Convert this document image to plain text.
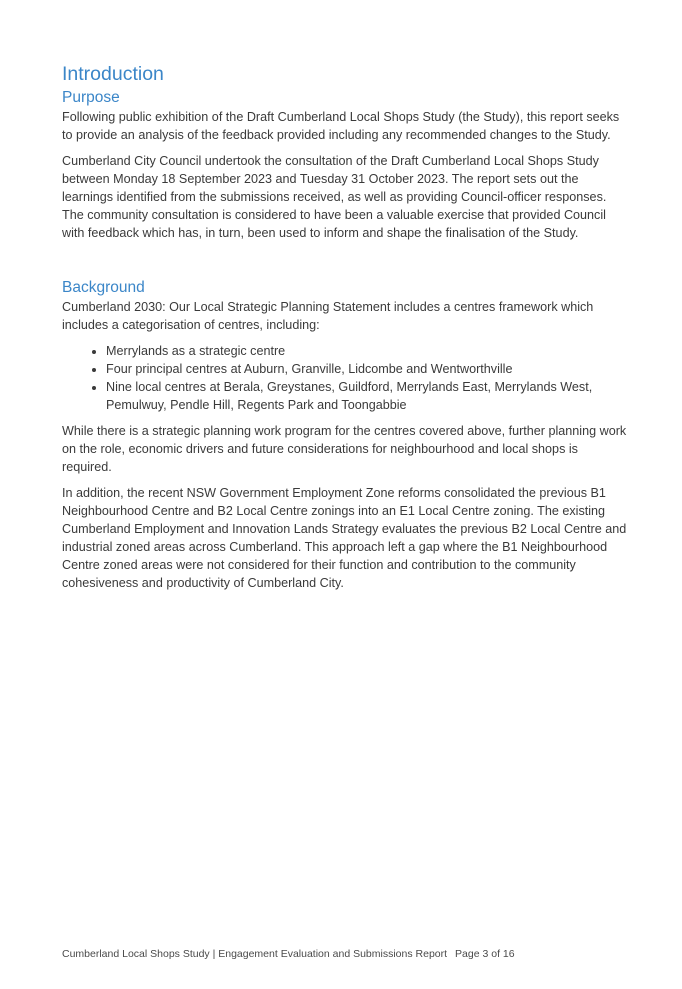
Introduction
Purpose

Following public exhibition of the Draft Cumberland Local Shops Study (the Study), this report seeks to provide an analysis of the feedback provided including any recommended changes to the Study.

Cumberland City Council undertook the consultation of the Draft Cumberland Local Shops Study between Monday 18 September 2023 and Tuesday 31 October 2023. The report sets out the learnings identified from the submissions received, as well as providing Council-officer responses. The community consultation is considered to have been a valuable exercise that provided Council with feedback which has, in turn, been used to inform and shape the finalisation of the Study.

Background

Cumberland 2030: Our Local Strategic Planning Statement includes a centres framework which includes a categorisation of centres, including:

• Merrylands as a strategic centre
• Four principal centres at Auburn, Granville, Lidcombe and Wentworthville
• Nine local centres at Berala, Greystanes, Guildford, Merrylands East, Merrylands West, Pemulwuy, Pendle Hill, Regents Park and Toongabbie

While there is a strategic planning work program for the centres covered above, further planning work on the role, economic drivers and future considerations for neighbourhood and local shops is required.

In addition, the recent NSW Government Employment Zone reforms consolidated the previous B1 Neighbourhood Centre and B2 Local Centre zonings into an E1 Local Centre zoning. The existing Cumberland Employment and Innovation Lands Strategy evaluates the previous B2 Local Centre and industrial zoned areas across Cumberland. This approach left a gap where the B1 Neighbourhood Centre zoned areas were not considered for their function and contribution to the community cohesiveness and productivity of Cumberland City.

Cumberland Local Shops Study | Engagement Evaluation and Submissions Report Page 3 of 16
